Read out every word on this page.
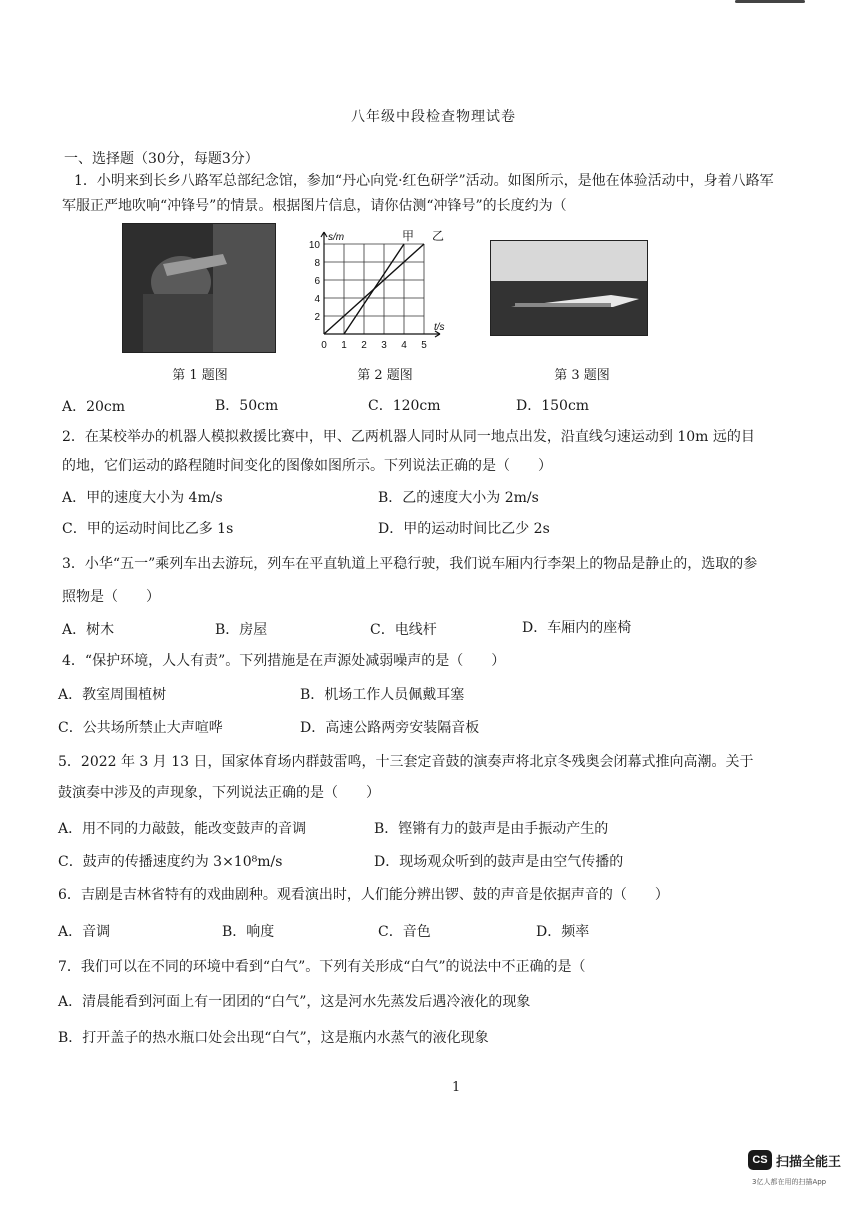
八年级中段检查物理试卷
一、选择题（30分，每题3分）
1．小明来到长乡八路军总部纪念馆，参加“丹心向党·红色研学”活动。如图所示，是他在体验活动中，身着八路军
军服正严地吹响“冲锋号”的情景。根据图片信息，请你估测“冲锋号”的长度约为（
第 1 题图
2
4
6
8
10
0 1 2 3 4 5
s/m
t/s
甲 乙
第 2 题图	第 3 题图
A．20cm	B．50cm	C．120cm	D．150cm
2．在某校举办的机器人模拟救援比赛中，甲、乙两机器人同时从同一地点出发，沿直线匀速运动到 10m 远的目
的地，它们运动的路程随时间变化的图像如图所示。下列说法正确的是（　　）
A．甲的速度大小为 4m/s	B．乙的速度大小为 2m/s
C．甲的运动时间比乙多 1s	D．甲的运动时间比乙少 2s
3．小华“五一”乘列车出去游玩，列车在平直轨道上平稳行驶，我们说车厢内行李架上的物品是静止的，选取的参
照物是（　　）
A．树木	B．房屋	C．电线杆	D．车厢内的座椅
4．“保护环境，人人有责”。下列措施是在声源处减弱噪声的是（　　）
A．教室周围植树	B．机场工作人员佩戴耳塞
C．公共场所禁止大声喧哗	D．高速公路两旁安装隔音板
5．2022 年 3 月 13 日，国家体育场内群鼓雷鸣，十三套定音鼓的演奏声将北京冬残奥会闭幕式推向高潮。关于
鼓演奏中涉及的声现象，下列说法正确的是（　　）
A．用不同的力敲鼓，能改变鼓声的音调	B．铿锵有力的鼓声是由手振动产生的
C．鼓声的传播速度约为 3×10⁸m/s	D．现场观众听到的鼓声是由空气传播的
6．吉剧是吉林省特有的戏曲剧种。观看演出时，人们能分辨出锣、鼓的声音是依据声音的（　　）
A．音调	B．响度	C．音色	D．频率
7．我们可以在不同的环境中看到“白气”。下列有关形成“白气”的说法中不正确的是（
A．清晨能看到河面上有一团团的“白气”，这是河水先蒸发后遇冷液化的现象
B．打开盖子的热水瓶口处会出现“白气”，这是瓶内水蒸气的液化现象
1
CS 扫描全能王
3亿人都在用的扫描App
